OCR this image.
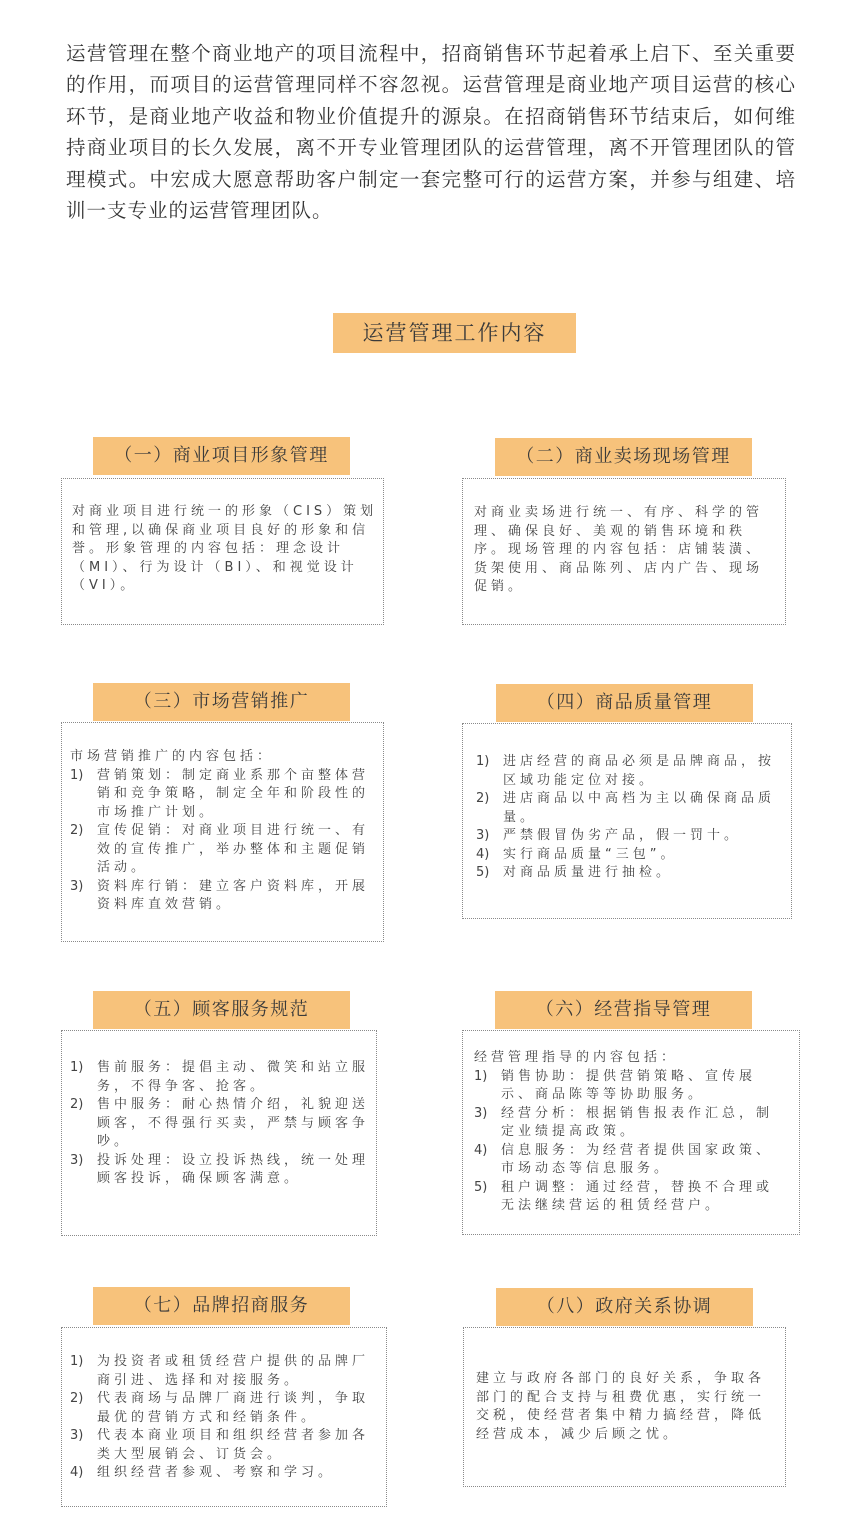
运营管理在整个商业地产的项目流程中，招商销售环节起着承上启下、至关重要的作用，而项目的运营管理同样不容忽视。运营管理是商业地产项目运营的核心环节，是商业地产收益和物业价值提升的源泉。在招商销售环节结束后，如何维持商业项目的长久发展，离不开专业管理团队的运营管理，离不开管理团队的管理模式。中宏成大愿意帮助客户制定一套完整可行的运营方案，并参与组建、培训一支专业的运营管理团队。

运营管理工作内容
（一）商业项目形象管理
对商业项目进行统一的形象（CIS）策划和管理,以确保商业项目良好的形象和信誉。形象管理的内容包括：理念设计（MI）、行为设计（BI）、和视觉设计（VI）。
（二）商业卖场现场管理
对商业卖场进行统一、有序、科学的管理、确保良好、美观的销售环境和秩序。现场管理的内容包括：店铺装潢、货架使用、商品陈列、店内广告、现场促销。
（三）市场营销推广
市场营销推广的内容包括：
1) 营销策划：制定商业系那个亩整体营销和竞争策略，制定全年和阶段性的市场推广计划。
2) 宣传促销：对商业项目进行统一、有效的宣传推广，举办整体和主题促销活动。
3) 资料库行销：建立客户资料库，开展资料库直效营销。
（四）商品质量管理
1) 进店经营的商品必须是品牌商品，按区域功能定位对接。
2) 进店商品以中高档为主以确保商品质量。
3) 严禁假冒伪劣产品，假一罚十。
4) 实行商品质量“三包”。
5) 对商品质量进行抽检。
（五）顾客服务规范
1) 售前服务：提倡主动、微笑和站立服务，不得争客、抢客。
2) 售中服务：耐心热情介绍，礼貌迎送顾客，不得强行买卖，严禁与顾客争吵。
3) 投诉处理：设立投诉热线，统一处理顾客投诉，确保顾客满意。
（六）经营指导管理
经营管理指导的内容包括：
1) 销售协助：提供营销策略、宣传展示、商品陈等等协助服务。
3) 经营分析：根据销售报表作汇总，制定业绩提高政策。
4) 信息服务：为经营者提供国家政策、市场动态等信息服务。
5) 租户调整：通过经营，替换不合理或无法继续营运的租赁经营户。
（七）品牌招商服务
1) 为投资者或租赁经营户提供的品牌厂商引进、选择和对接服务。
2) 代表商场与品牌厂商进行谈判，争取最优的营销方式和经销条件。
3) 代表本商业项目和组织经营者参加各类大型展销会、订货会。
4) 组织经营者参观、考察和学习。
（八）政府关系协调
建立与政府各部门的良好关系，争取各部门的配合支持与租费优惠，实行统一交税，使经营者集中精力搞经营，降低经营成本，减少后顾之忧。
